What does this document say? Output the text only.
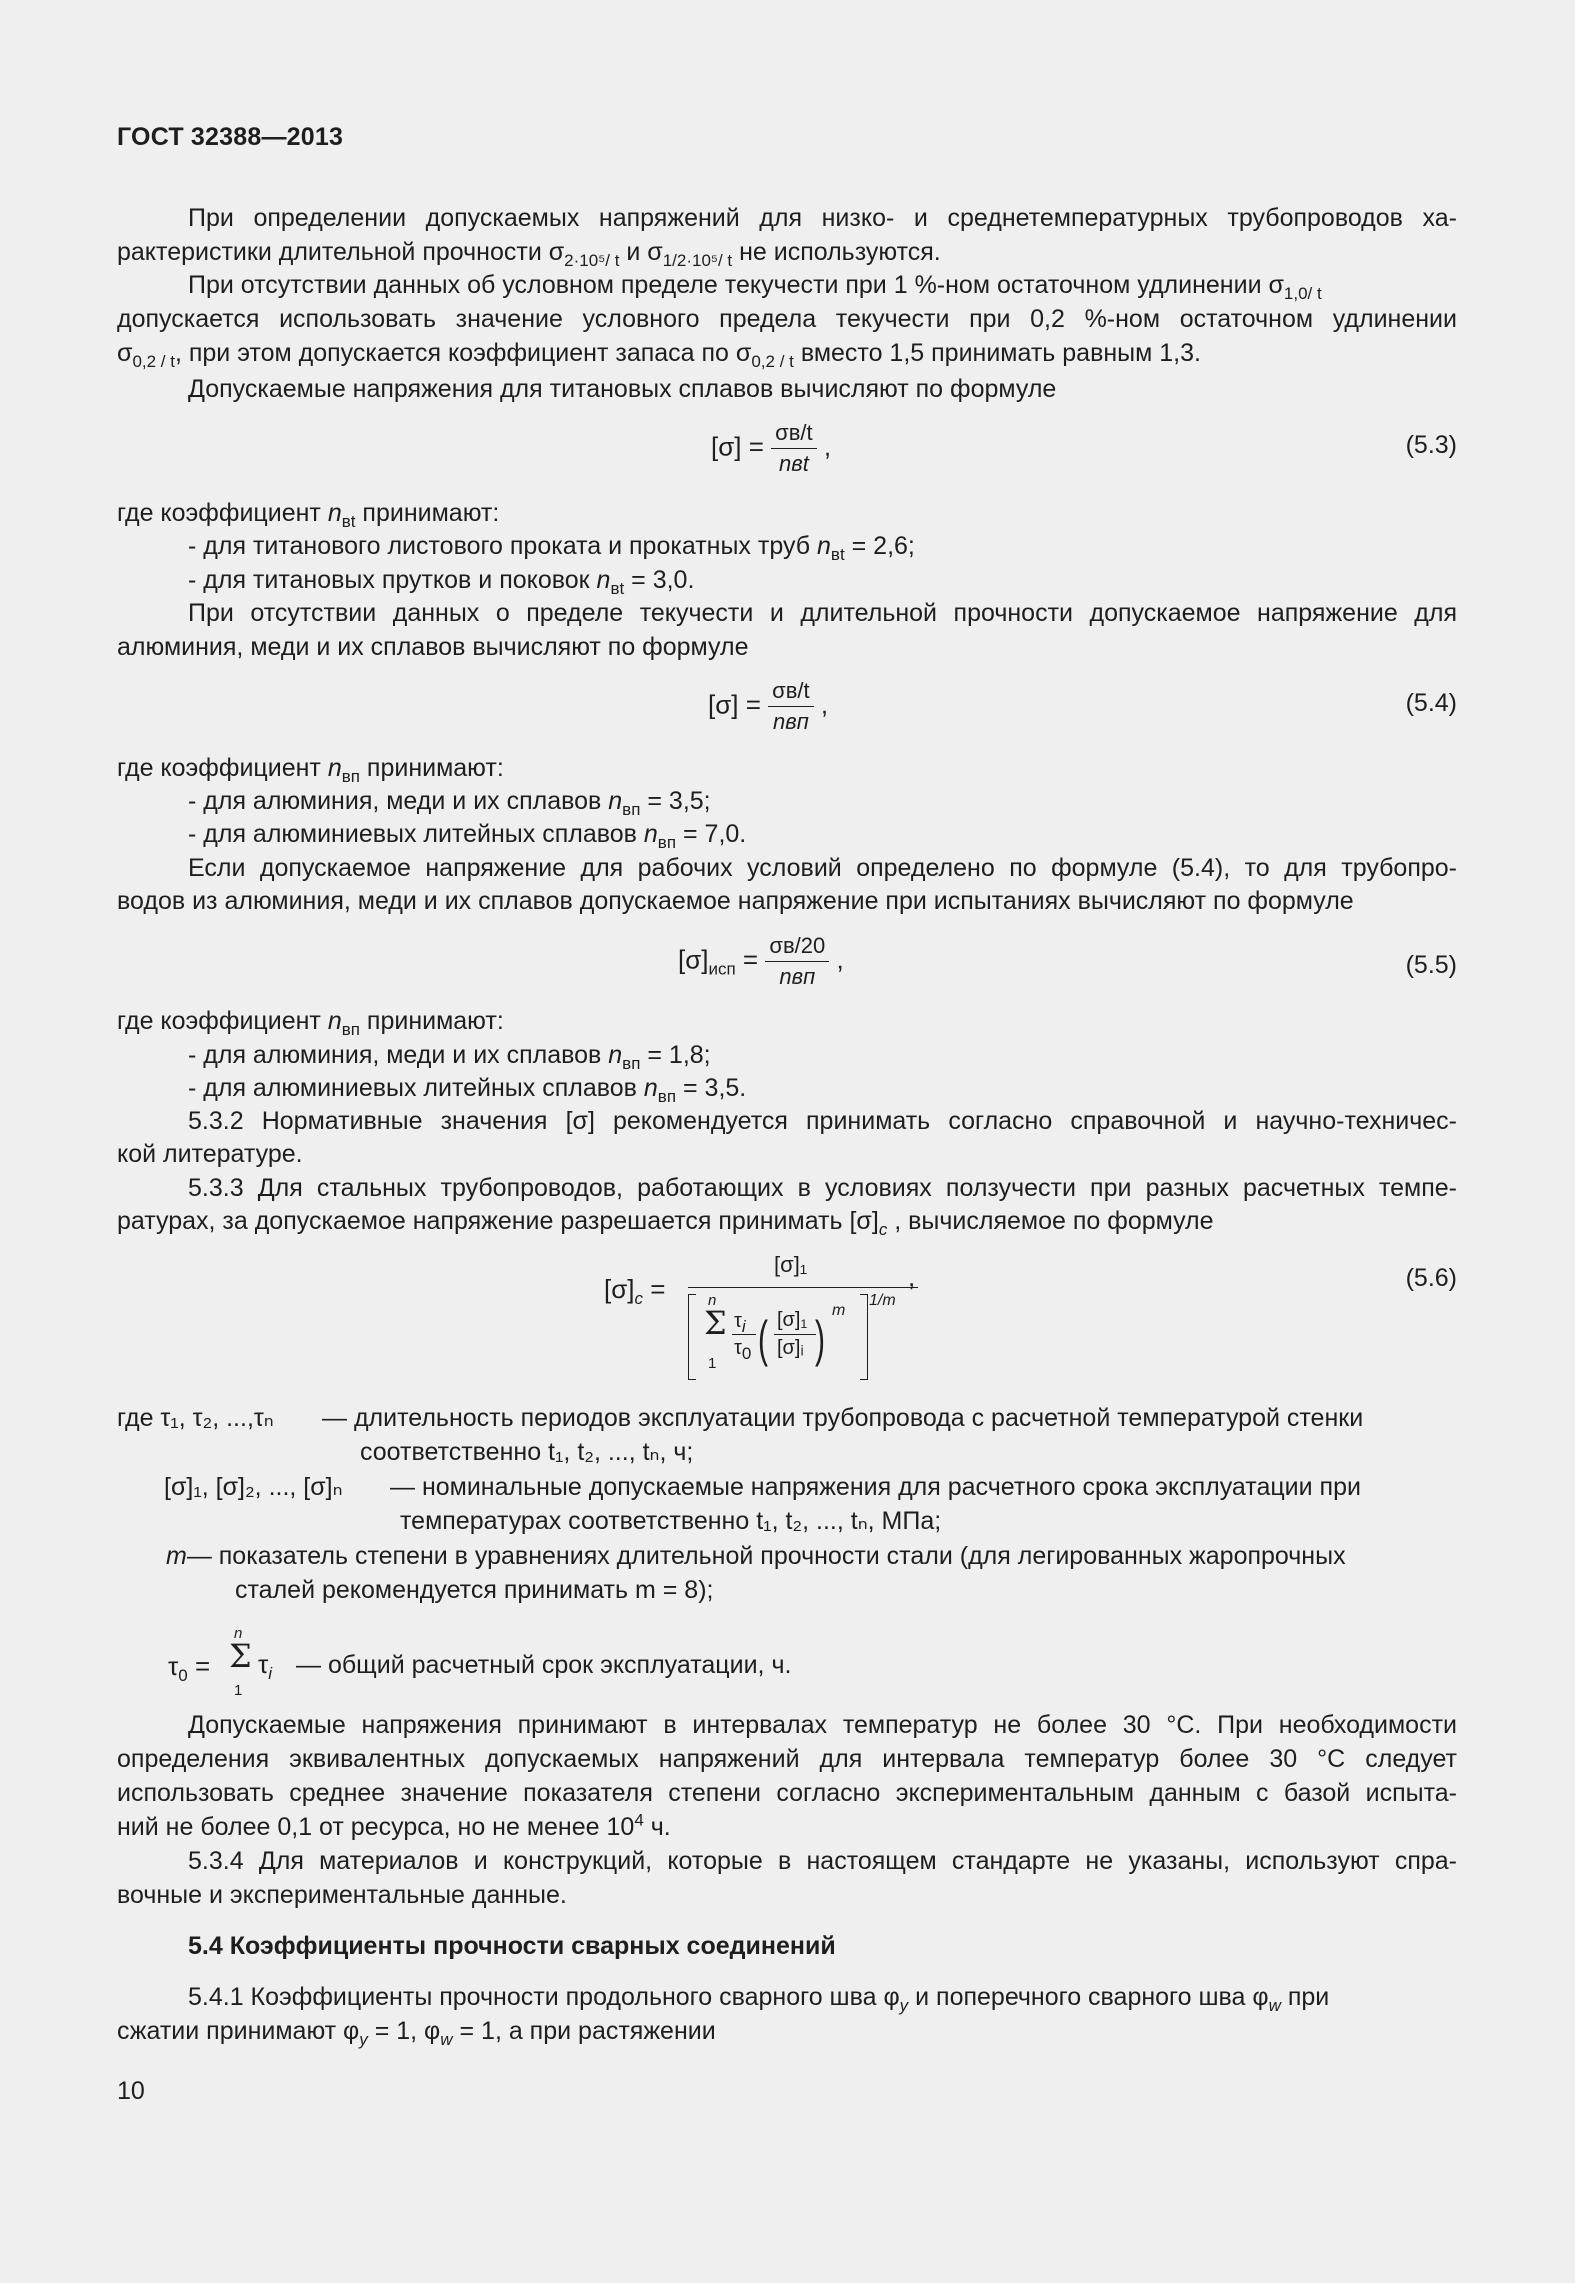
ГОСТ 32388—2013
При определении допускаемых напряжений для низко- и среднетемпературных трубопроводов ха-
рактеристики длительной прочности $\sigma_{2\cdot 10^5/ t}$ и $\sigma_{1/2\cdot 10^5/ t}$ не используются.
При отсутствии данных об условном пределе текучести при 1 %-ном остаточном удлинении $\sigma_{1,0/ t}$
допускается использовать значение условного предела текучести при 0,2 %-ном остаточном удлинении
$\sigma_{0,2 / t}$, при этом допускается коэффициент запаса по $\sigma_{0,2 / t}$ вместо 1,5 принимать равным 1,3.
Допускаемые напряжения для титановых сплавов вычисляют по формуле
$[\sigma] = \frac{\sigma в/t}{\text{nвt}}$ ,	(5.3)
где коэффициент $n_{вt}$ принимают:
- для титанового листового проката и прокатных труб $n_{вt} = 2,6$;
- для титановых прутков и поковок $n_{вt} = 3,0$.
При отсутствии данных о пределе текучести и длительной прочности допускаемое напряжение для
алюминия, меди и их сплавов вычисляют по формуле
$[\sigma] = \frac{\sigma в/t}{\text{nвп}}$ ,	(5.4)
где коэффициент $n_{вп}$ принимают:
- для алюминия, меди и их сплавов $n_{вп} = 3,5$;
- для алюминиевых литейных сплавов $n_{вп} = 7,0$.
Если допускаемое напряжение для рабочих условий определено по формуле (5.4), то для трубопро-
водов из алюминия, меди и их сплавов допускаемое напряжение при испытаниях вычисляют по формуле
$[\sigma]_{исп} = \frac{\sigma в/20}{\text{nвп}}$ ,	(5.5)
где коэффициент $n_{вп}$ принимают:
- для алюминия, меди и их сплавов $n_{вп} = 1,8$;
- для алюминиевых литейных сплавов $n_{вп} = 3,5$.
5.3.2 Нормативные значения [σ] рекомендуется принимать согласно справочной и научно-техничес-
кой литературе.
5.3.3 Для стальных трубопроводов, работающих в условиях ползучести при разных расчетных темпе-
ратурах, за допускаемое напряжение разрешается принимать $[\sigma]_c$ , вычисляемое по формуле
$[\sigma]_c$ =
[σ]₁
Σ
n
1
$\tau_i$
$\tau_0$ ( [σ]₁
[σ]ᵢ )
m
1/m
,	(5.6)
где τ₁, τ₂, ...,τₙ — длительность периодов эксплуатации трубопровода с расчетной температурой стенки
соответственно t₁, t₂, ..., tₙ, ч;
[σ]₁, [σ]₂, ..., [σ]ₙ — номинальные допускаемые напряжения для расчетного срока эксплуатации при
температурах соответственно t₁, t₂, ..., tₙ, МПа;
m— показатель степени в уравнениях длительной прочности стали (для легированных жаропрочных
сталей рекомендуется принимать m = 8);
$\tau_0$ =
n
Σ
1
$\tau_i$ — общий расчетный срок эксплуатации, ч.
Допускаемые напряжения принимают в интервалах температур не более 30 °С. При необходимости
определения эквивалентных допускаемых напряжений для интервала температур более 30 °С следует
использовать среднее значение показателя степени согласно экспериментальным данным с базой испыта-
ний не более 0,1 от ресурса, но не менее $10^4$ ч.
5.3.4 Для материалов и конструкций, которые в настоящем стандарте не указаны, используют спра-
вочные и экспериментальные данные.
5.4 Коэффициенты прочности сварных соединений
5.4.1 Коэффициенты прочности продольного сварного шва $\varphi_y$ и поперечного сварного шва $\varphi_w$ при
сжатии принимают $\varphi_y = 1$, $\varphi_w = 1$, а при растяжении
10
